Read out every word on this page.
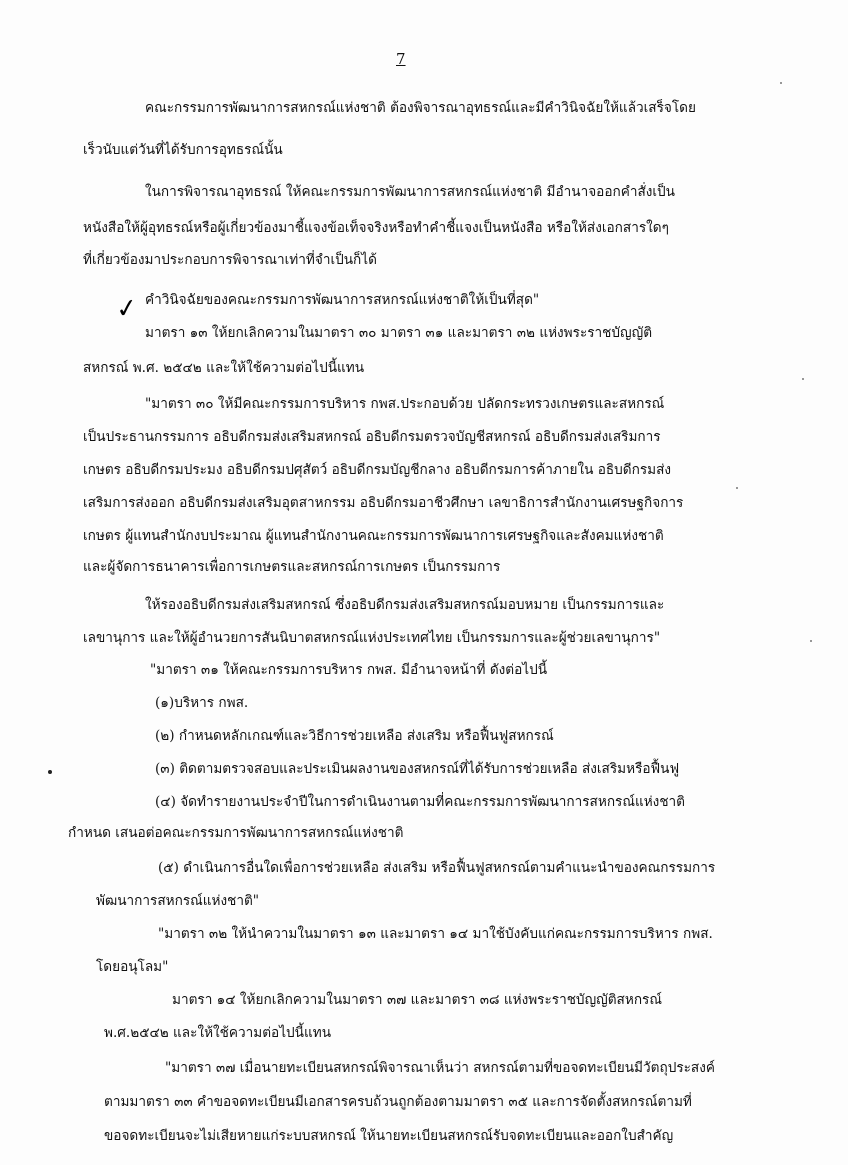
7
✓
คณะกรรมการพัฒนาการสหกรณ์แห่งชาติ ต้องพิจารณาอุทธรณ์และมีคำวินิจฉัยให้แล้วเสร็จโดย
เร็วนับแต่วันที่ได้รับการอุทธรณ์นั้น
ในการพิจารณาอุทธรณ์ ให้คณะกรรมการพัฒนาการสหกรณ์แห่งชาติ มีอำนาจออกคำสั่งเป็น
หนังสือให้ผู้อุทธรณ์หรือผู้เกี่ยวข้องมาชี้แจงข้อเท็จจริงหรือทำคำชี้แจงเป็นหนังสือ หรือให้ส่งเอกสารใดๆ
ที่เกี่ยวข้องมาประกอบการพิจารณาเท่าที่จำเป็นก็ได้
คำวินิจฉัยของคณะกรรมการพัฒนาการสหกรณ์แห่งชาติให้เป็นที่สุด"
มาตรา ๑๓ ให้ยกเลิกความในมาตรา ๓๐ มาตรา ๓๑ และมาตรา ๓๒ แห่งพระราชบัญญัติ
สหกรณ์ พ.ศ. ๒๕๔๒ และให้ใช้ความต่อไปนี้แทน
"มาตรา ๓๐ ให้มีคณะกรรมการบริหาร กพส.ประกอบด้วย ปลัดกระทรวงเกษตรและสหกรณ์
เป็นประธานกรรมการ อธิบดีกรมส่งเสริมสหกรณ์ อธิบดีกรมตรวจบัญชีสหกรณ์ อธิบดีกรมส่งเสริมการ
เกษตร อธิบดีกรมประมง อธิบดีกรมปศุสัตว์ อธิบดีกรมบัญชีกลาง อธิบดีกรมการค้าภายใน อธิบดีกรมส่ง
เสริมการส่งออก อธิบดีกรมส่งเสริมอุตสาหกรรม อธิบดีกรมอาชีวศึกษา เลขาธิการสำนักงานเศรษฐกิจการ
เกษตร ผู้แทนสำนักงบประมาณ ผู้แทนสำนักงานคณะกรรมการพัฒนาการเศรษฐกิจและสังคมแห่งชาติ
และผู้จัดการธนาคารเพื่อการเกษตรและสหกรณ์การเกษตร เป็นกรรมการ
ให้รองอธิบดีกรมส่งเสริมสหกรณ์ ซึ่งอธิบดีกรมส่งเสริมสหกรณ์มอบหมาย เป็นกรรมการและ
เลขานุการ และให้ผู้อำนวยการสันนิบาตสหกรณ์แห่งประเทศไทย เป็นกรรมการและผู้ช่วยเลขานุการ"
"มาตรา ๓๑ ให้คณะกรรมการบริหาร กพส. มีอำนาจหน้าที่ ดังต่อไปนี้
(๑)บริหาร กพส.
(๒) กำหนดหลักเกณฑ์และวิธีการช่วยเหลือ ส่งเสริม หรือฟื้นฟูสหกรณ์
(๓) ติดตามตรวจสอบและประเมินผลงานของสหกรณ์ที่ได้รับการช่วยเหลือ ส่งเสริมหรือฟื้นฟู
(๔) จัดทำรายงานประจำปีในการดำเนินงานตามที่คณะกรรมการพัฒนาการสหกรณ์แห่งชาติ
กำหนด เสนอต่อคณะกรรมการพัฒนาการสหกรณ์แห่งชาติ
(๕) ดำเนินการอื่นใดเพื่อการช่วยเหลือ ส่งเสริม หรือฟื้นฟูสหกรณ์ตามคำแนะนำของคณกรรมการ
พัฒนาการสหกรณ์แห่งชาติ"
"มาตรา ๓๒ ให้นำความในมาตรา ๑๓ และมาตรา ๑๔ มาใช้บังคับแก่คณะกรรมการบริหาร กพส.
โดยอนุโลม"
มาตรา ๑๔ ให้ยกเลิกความในมาตรา ๓๗ และมาตรา ๓๘ แห่งพระราชบัญญัติสหกรณ์
พ.ศ.๒๕๔๒ และให้ใช้ความต่อไปนี้แทน
"มาตรา ๓๗ เมื่อนายทะเบียนสหกรณ์พิจารณาเห็นว่า สหกรณ์ตามที่ขอจดทะเบียนมีวัตถุประสงค์
ตามมาตรา ๓๓ คำขอจดทะเบียนมีเอกสารครบถ้วนถูกต้องตามมาตรา ๓๕ และการจัดตั้งสหกรณ์ตามที่
ขอจดทะเบียนจะไม่เสียหายแก่ระบบสหกรณ์ ให้นายทะเบียนสหกรณ์รับจดทะเบียนและออกใบสำคัญ
